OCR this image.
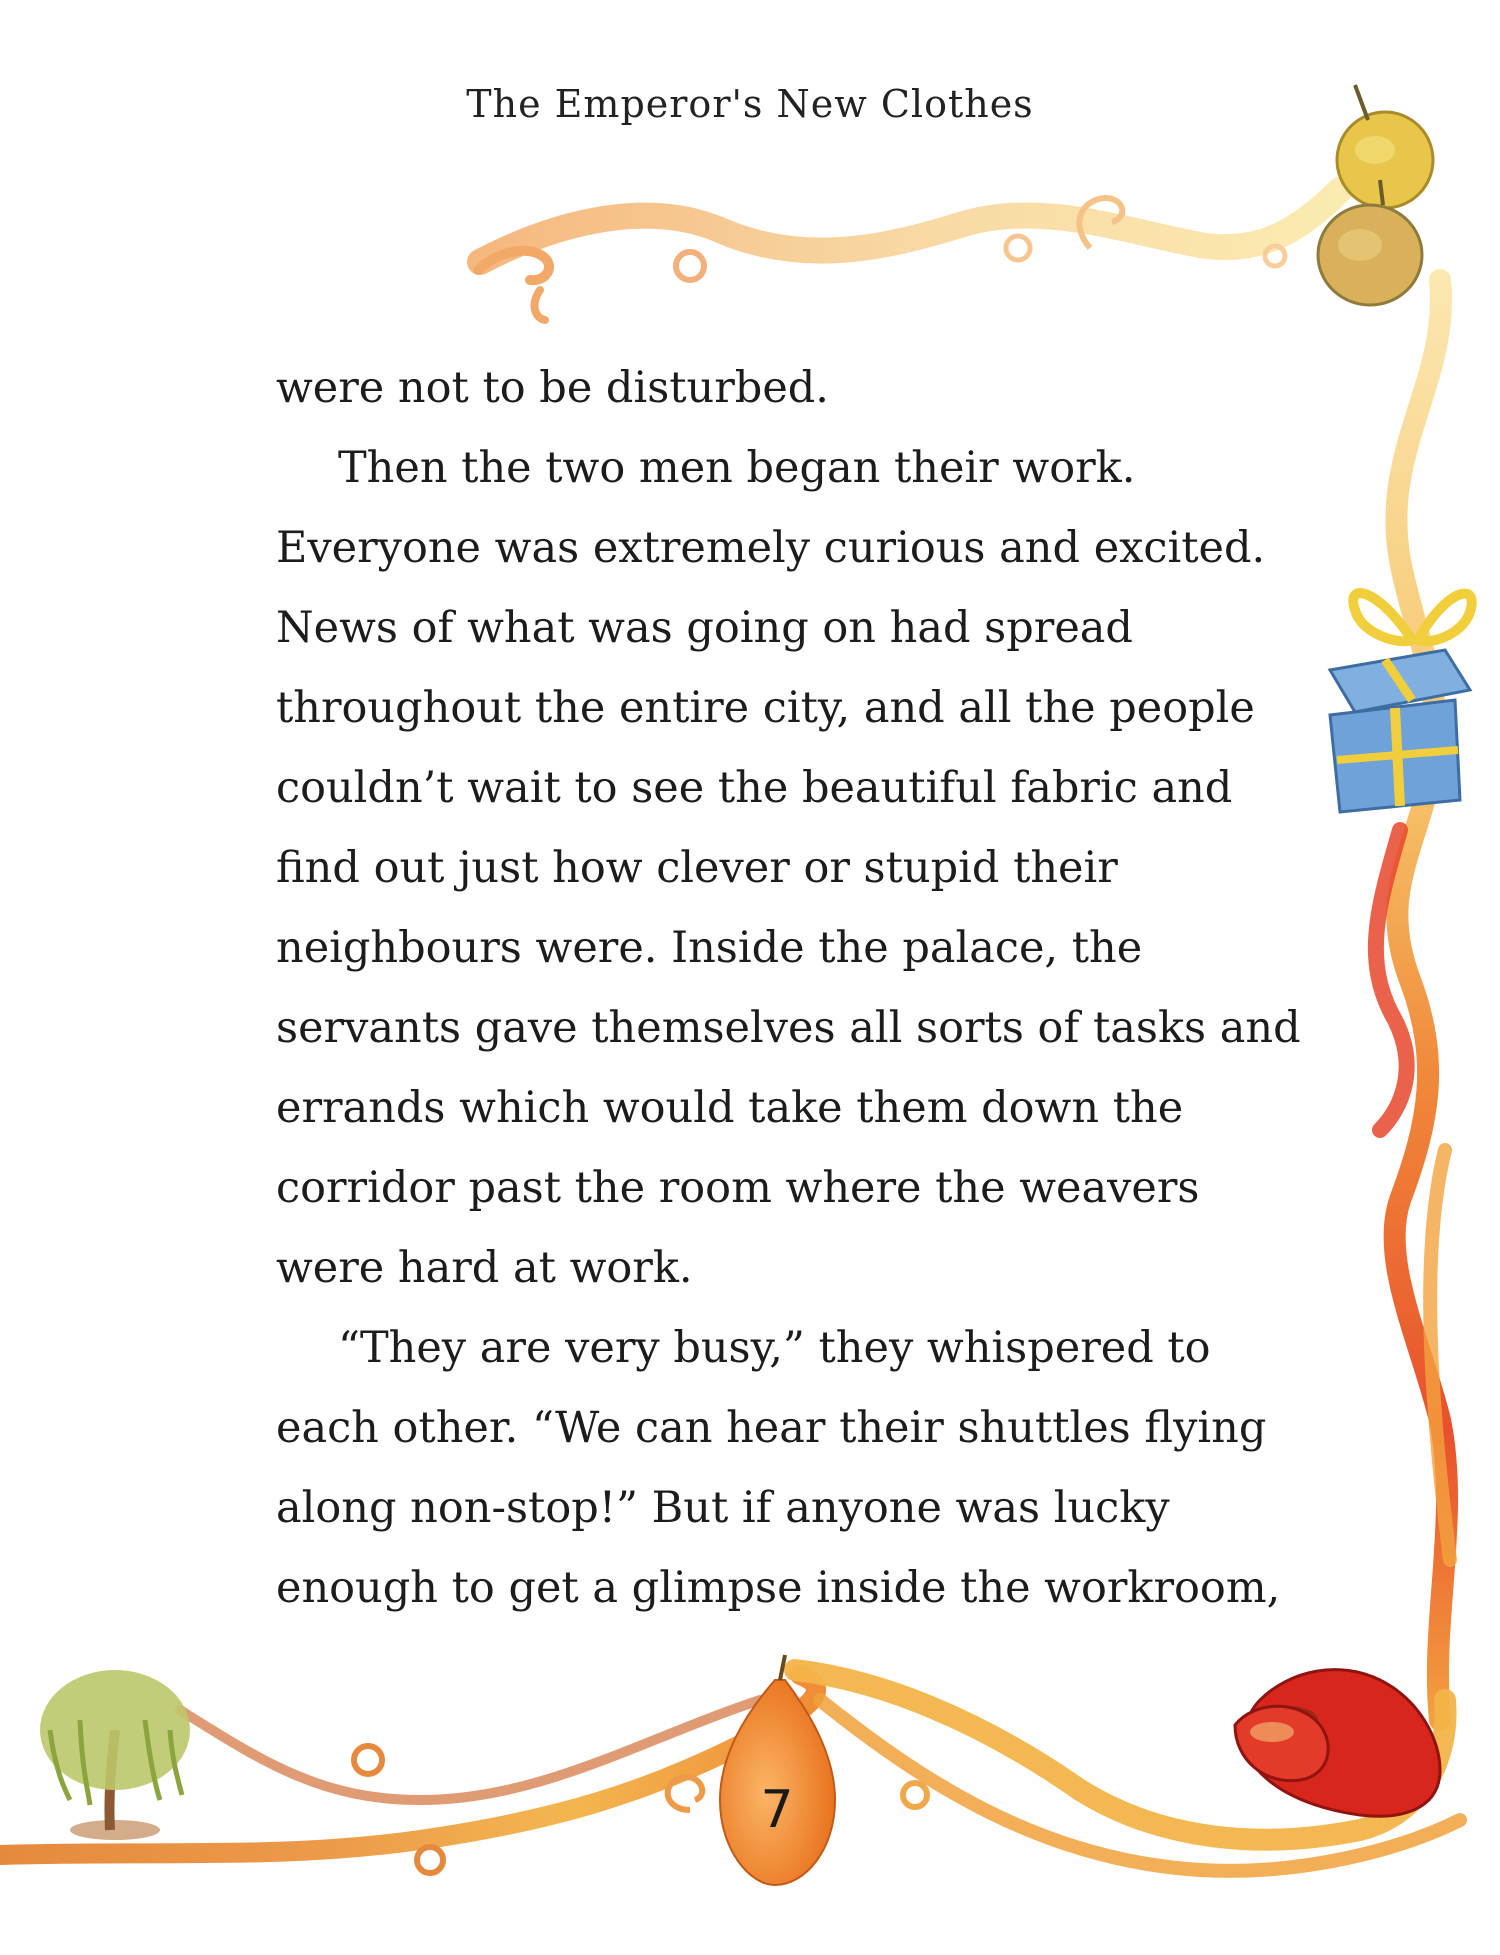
The Emperor's New Clothes
were not to be disturbed.
Then the two men began their work.
Everyone was extremely curious and excited.
News of what was going on had spread
throughout the entire city, and all the people
couldn’t wait to see the beautiful fabric and
find out just how clever or stupid their
neighbours were. Inside the palace, the
servants gave themselves all sorts of tasks and
errands which would take them down the
corridor past the room where the weavers
were hard at work.
“They are very busy,” they whispered to
each other. “We can hear their shuttles flying
along non-stop!” But if anyone was lucky
enough to get a glimpse inside the workroom,
7
